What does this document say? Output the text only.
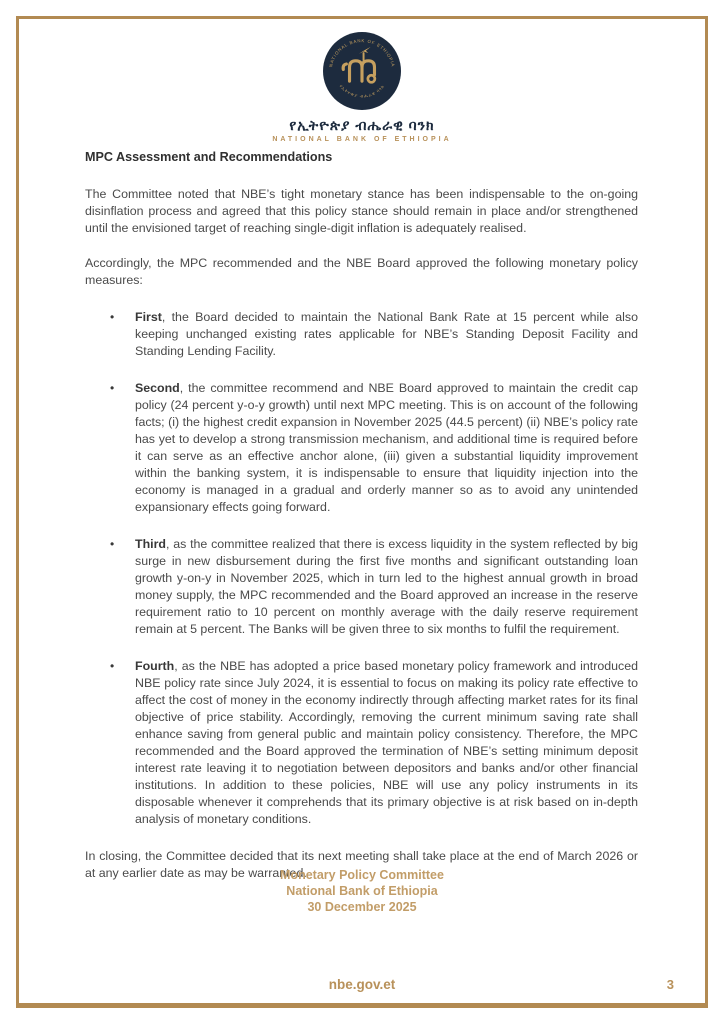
NATIONAL BANK OF ETHIOPIA
የኢትዮጵያ ብሔራዊ ባንክ
የኢትዮጵያ ብሔራዊ ባንክ
NATIONAL BANK OF ETHIOPIA
MPC Assessment and Recommendations

The Committee noted that NBE’s tight monetary stance has been indispensable to the on-going disinflation process and agreed that this policy stance should remain in place and/or strengthened until the envisioned target of reaching single-digit inflation is adequately realised.

Accordingly, the MPC recommended and the NBE Board approved the following monetary policy measures:

• First, the Board decided to maintain the National Bank Rate at 15 percent while also keeping unchanged existing rates applicable for NBE’s Standing Deposit Facility and Standing Lending Facility.
• Second, the committee recommend and NBE Board approved to maintain the credit cap policy (24 percent y-o-y growth) until next MPC meeting. This is on account of the following facts; (i) the highest credit expansion in November 2025 (44.5 percent) (ii) NBE’s policy rate has yet to develop a strong transmission mechanism, and additional time is required before it can serve as an effective anchor alone, (iii) given a substantial liquidity improvement within the banking system, it is indispensable to ensure that liquidity injection into the economy is managed in a gradual and orderly manner so as to avoid any unintended expansionary effects going forward.
• Third, as the committee realized that there is excess liquidity in the system reflected by big surge in new disbursement during the first five months and significant outstanding loan growth y-on-y in November 2025, which in turn led to the highest annual growth in broad money supply, the MPC recommended and the Board approved an increase in the reserve requirement ratio to 10 percent on monthly average with the daily reserve requirement remain at 5 percent. The Banks will be given three to six months to fulfil the requirement.
• Fourth, as the NBE has adopted a price based monetary policy framework and introduced NBE policy rate since July 2024, it is essential to focus on making its policy rate effective to affect the cost of money in the economy indirectly through affecting market rates for its final objective of price stability. Accordingly, removing the current minimum saving rate shall enhance saving from general public and maintain policy consistency. Therefore, the MPC recommended and the Board approved the termination of NBE’s setting minimum deposit interest rate leaving it to negotiation between depositors and banks and/or other financial institutions. In addition to these policies, NBE will use any policy instruments in its disposable whenever it comprehends that its primary objective is at risk based on in-depth analysis of monetary conditions.

In closing, the Committee decided that its next meeting shall take place at the end of March 2026 or at any earlier date as may be warranted.

Monetary Policy Committee
National Bank of Ethiopia
30 December 2025
nbe.gov.et	3
